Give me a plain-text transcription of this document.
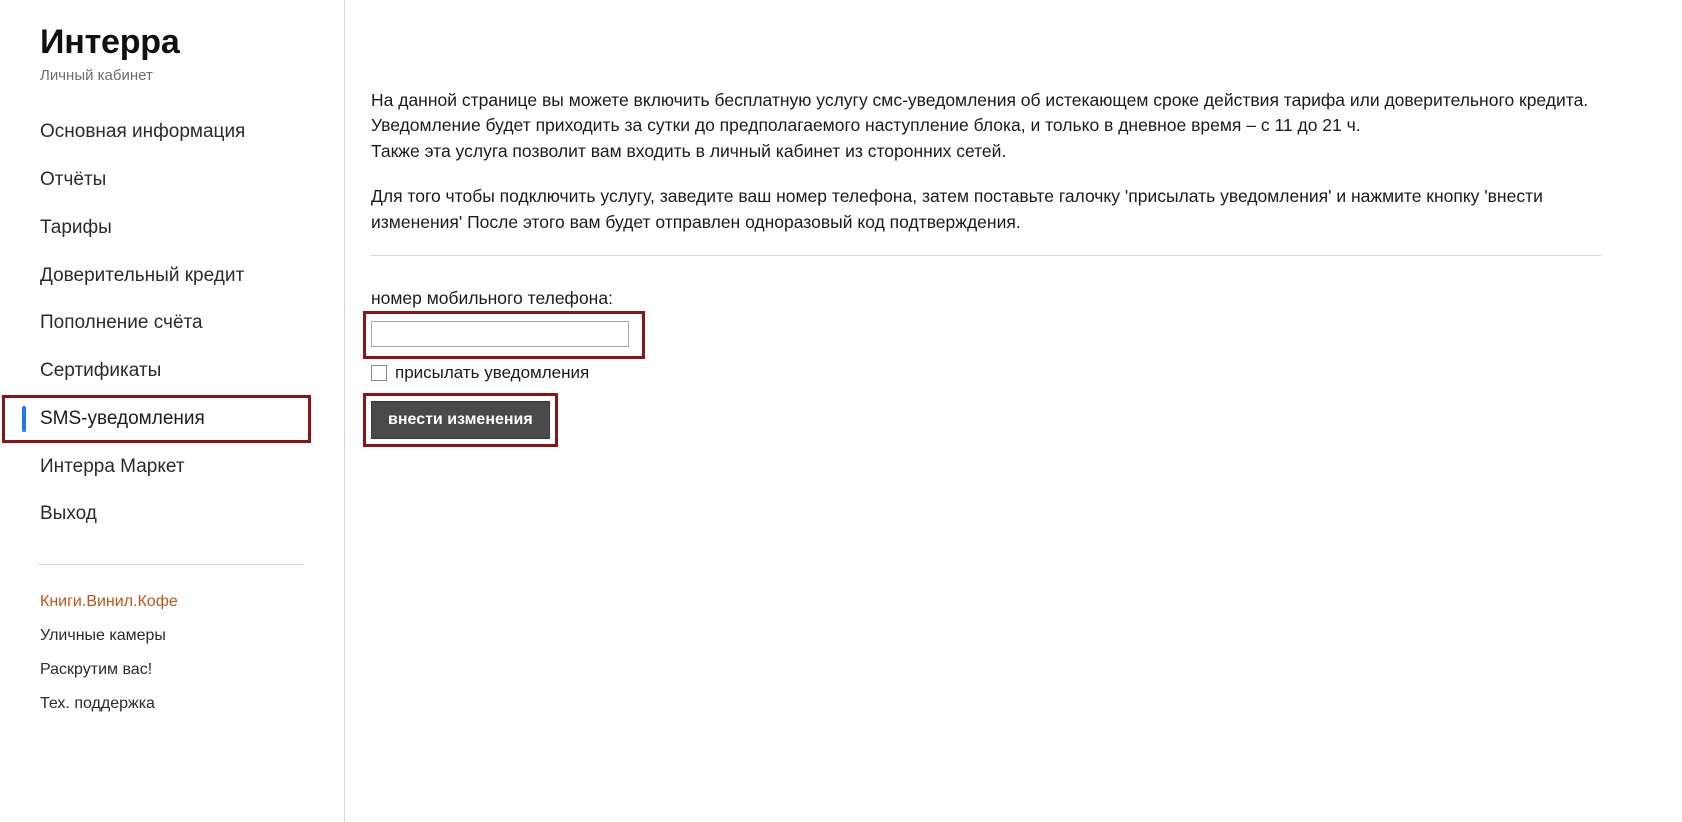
Интерра
Личный кабинет
Основная информация
Отчёты
Тарифы
Доверительный кредит
Пополнение счёта
Сертификаты
SMS-уведомления
Интерра Маркет
Выход
Книги.Винил.Кофе
Уличные камеры
Раскрутим вас!
Тех. поддержка

На данной странице вы можете включить бесплатную услугу смс-уведомления об истекающем сроке действия тарифа или доверительного кредита.

Уведомление будет приходить за сутки до предполагаемого наступление блока, и только в дневное время – с 11 до 21 ч.

Также эта услуга позволит вам входить в личный кабинет из сторонних сетей.

Для того чтобы подключить услугу, заведите ваш номер телефона, затем поставьте галочку 'присылать уведомления' и нажмите кнопку 'внести изменения' После этого вам будет отправлен одноразовый код подтверждения.

номер мобильного телефона:
присылать уведомления
внести изменения
